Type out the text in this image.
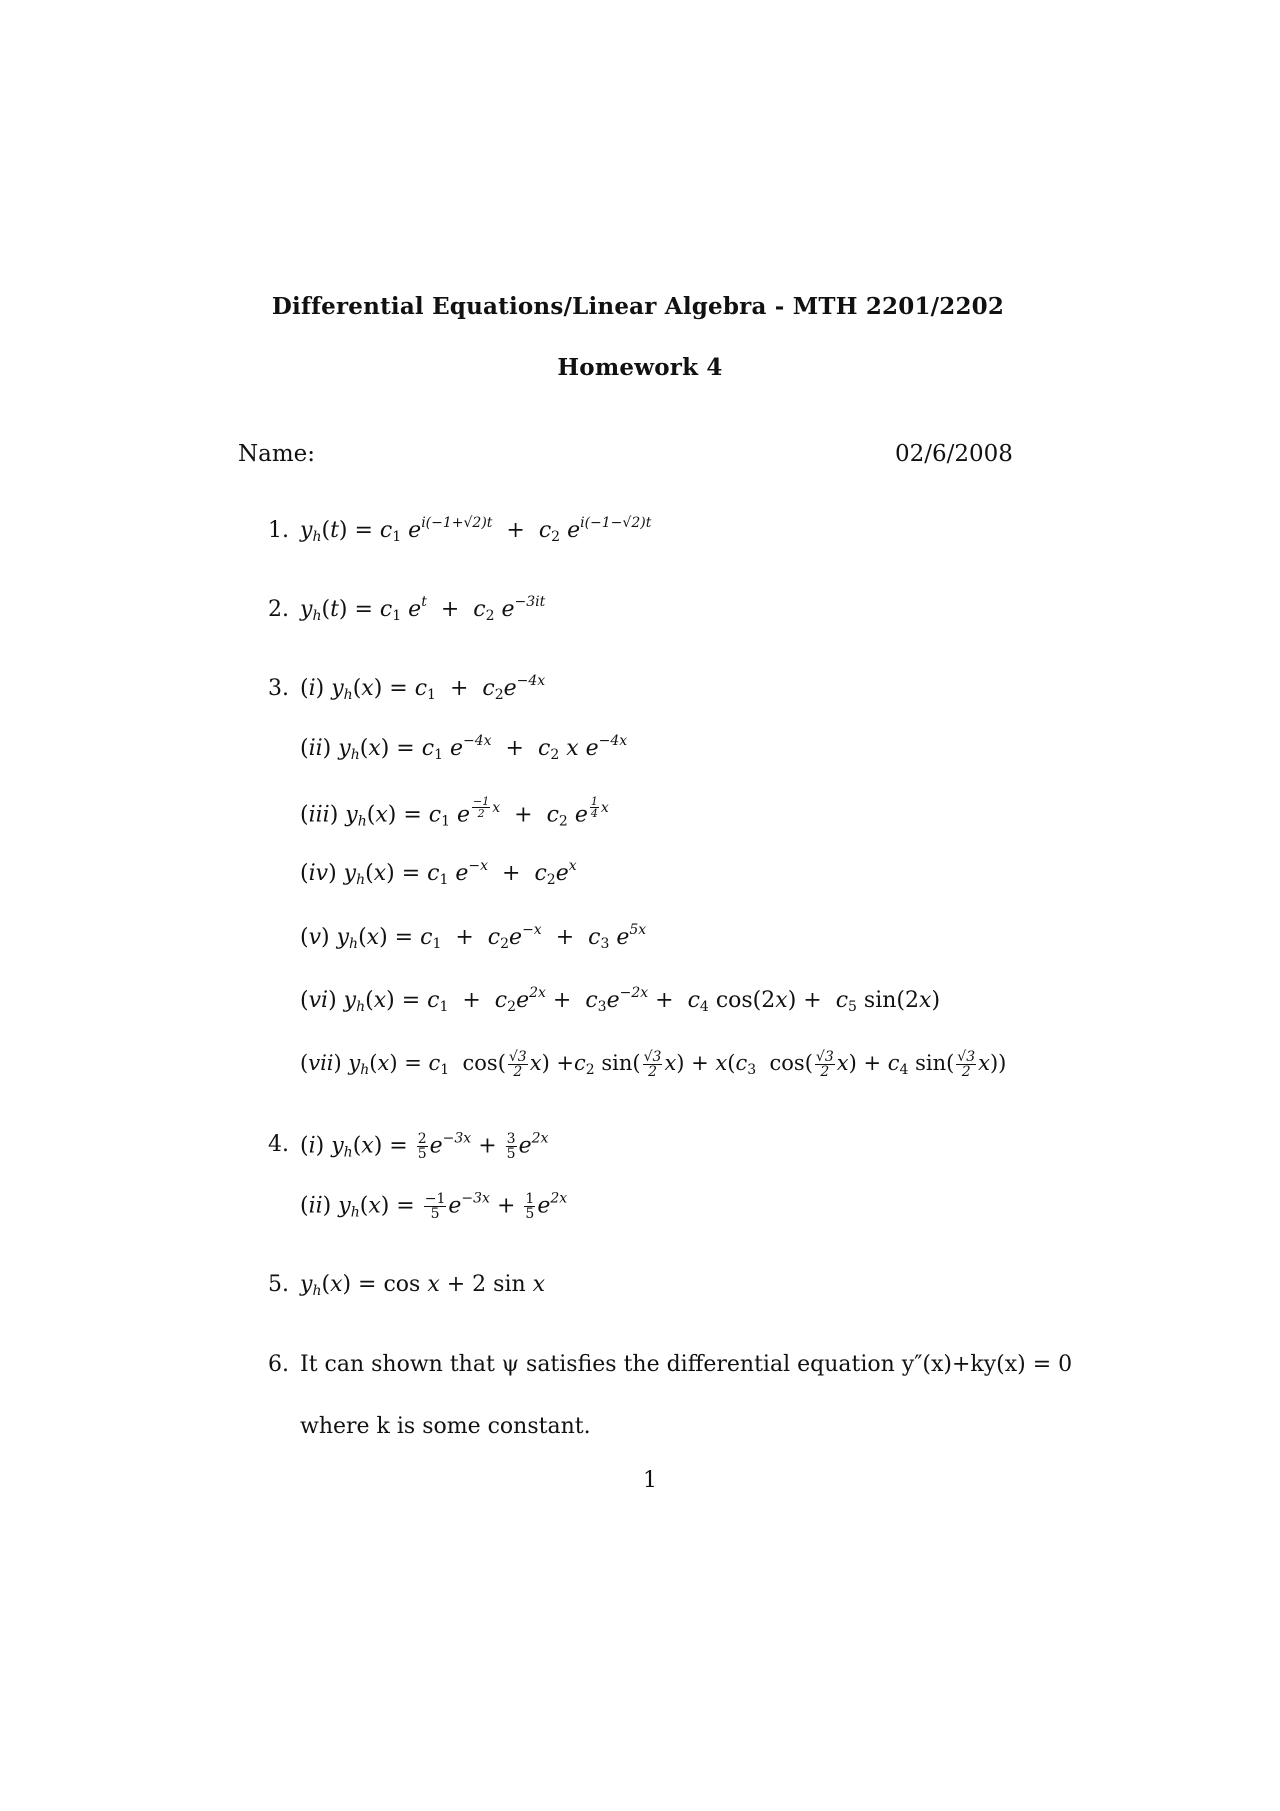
Differential Equations/Linear Algebra - MTH 2201/2202
Homework 4
Name:	02/6/2008
1. $y_h(t) = c_1$ $e^{i(-1+√2)t} + c_2$ $e^{i(-1-√2)t}$
2. $y_h(t) = c_1$ $e^t + c_2$ $e^{-3it}$
3. (i) $y_h(x) = c_1 + c_2e^{-4x}$
(ii) $y_h(x) = c_1$ $e^{-4x} + c_2$ x $e^{-4x}$
(iii) $y_h(x) = c_1$ e $^{\frac{-1}{2} x} + c_2$ e $^{\frac{1}{4} x}$
(iv) $y_h(x) = c_1$ $e^{-x} + c_2e^x$
(v) $y_h(x) = c_1 + c_2e^{-x} + c_3$ $e^{5x}$
(vi) $y_h(x) = c_1 + c_2e^{2x} + c_3e^{-2x} + c_4$ $\cos(2x) + c_5$ sin(2x)
(vii) $y_h(x) = c_1$  $\cos( \frac{√3}{2} x) +c_2$ $\sin( \frac{√3}{2} x) + x(c_3$  $\cos( \frac{√3}{2} x) + c_4$ $\sin( \frac{√3}{2} x)$)
4. (i) $y_h(x) = \frac{2}{5} e^{-3x} + \frac{3}{5} e^{2x}$
(ii) $y_h(x) = \frac{-1}{5} e^{-3x} + \frac{1}{5} e^{2x}$
5. $y_h(x) = \cos x + 2$ sin x
6. It can shown that ψ satisfies the differential equation y″(x)+ky(x) = 0
where k is some constant.
1
